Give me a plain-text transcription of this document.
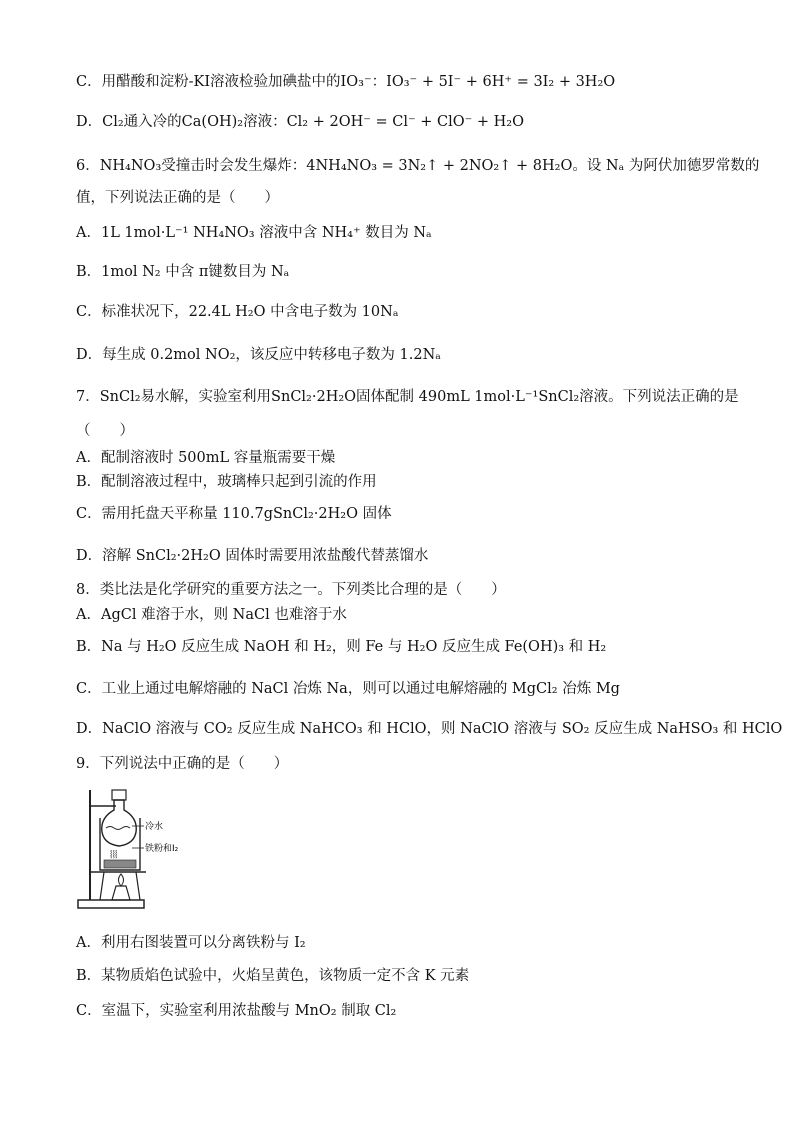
C．用醋酸和淀粉-KI溶液检验加碘盐中的IO₃⁻：IO₃⁻ + 5I⁻ + 6H⁺ = 3I₂ + 3H₂O
D．Cl₂通入冷的Ca(OH)₂溶液：Cl₂ + 2OH⁻ = Cl⁻ + ClO⁻ + H₂O
6．NH₄NO₃受撞击时会发生爆炸：4NH₄NO₃ = 3N₂↑ + 2NO₂↑ + 8H₂O。设 Nₐ 为阿伏加德罗常数的
值，下列说法正确的是（　　）
A．1L 1mol·L⁻¹ NH₄NO₃ 溶液中含 NH₄⁺ 数目为 Nₐ
B．1mol N₂ 中含 π键数目为 Nₐ
C．标准状况下，22.4L H₂O 中含电子数为 10Nₐ
D．每生成 0.2mol NO₂，该反应中转移电子数为 1.2Nₐ
7．SnCl₂易水解，实验室利用SnCl₂·2H₂O固体配制 490mL 1mol·L⁻¹SnCl₂溶液。下列说法正确的是
（　　）
A．配制溶液时 500mL 容量瓶需要干燥
B．配制溶液过程中，玻璃棒只起到引流的作用
C．需用托盘天平称量 110.7gSnCl₂·2H₂O 固体
D．溶解 SnCl₂·2H₂O 固体时需要用浓盐酸代替蒸馏水
8．类比法是化学研究的重要方法之一。下列类比合理的是（　　）
A．AgCl 难溶于水，则 NaCl 也难溶于水
B．Na 与 H₂O 反应生成 NaOH 和 H₂，则 Fe 与 H₂O 反应生成 Fe(OH)₃ 和 H₂
C．工业上通过电解熔融的 NaCl 冶炼 Na，则可以通过电解熔融的 MgCl₂ 冶炼 Mg
D．NaClO 溶液与 CO₂ 反应生成 NaHCO₃ 和 HClO，则 NaClO 溶液与 SO₂ 反应生成 NaHSO₃ 和 HClO
9．下列说法中正确的是（　　）
⸾⸾⸾
冷水
铁粉和I₂
A．利用右图装置可以分离铁粉与 I₂
B．某物质焰色试验中，火焰呈黄色，该物质一定不含 K 元素
C．室温下，实验室利用浓盐酸与 MnO₂ 制取 Cl₂
